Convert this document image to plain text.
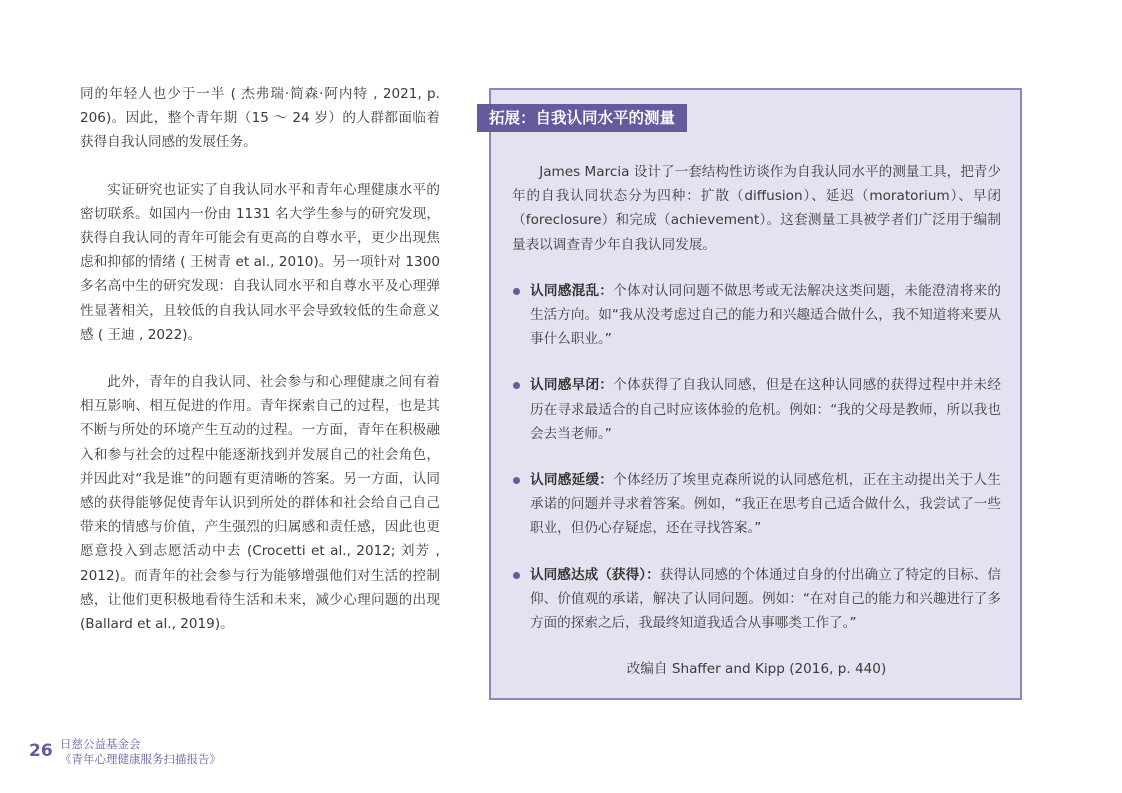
同的年轻人也少于一半 ( 杰弗瑞·简森·阿内特 , 2021, p. 206)。因此，整个青年期（15 ～ 24 岁）的人群都面临着获得自我认同感的发展任务。

实证研究也证实了自我认同水平和青年心理健康水平的密切联系。如国内一份由 1131 名大学生参与的研究发现，获得自我认同的青年可能会有更高的自尊水平，更少出现焦虑和抑郁的情绪 ( 王树青 et al., 2010)。另一项针对 1300 多名高中生的研究发现：自我认同水平和自尊水平及心理弹性显著相关，且较低的自我认同水平会导致较低的生命意义感 ( 王迪 , 2022)。

此外，青年的自我认同、社会参与和心理健康之间有着相互影响、相互促进的作用。青年探索自己的过程，也是其不断与所处的环境产生互动的过程。一方面，青年在积极融入和参与社会的过程中能逐渐找到并发展自己的社会角色，并因此对“我是谁”的问题有更清晰的答案。另一方面，认同感的获得能够促使青年认识到所处的群体和社会给自己自己带来的情感与价值，产生强烈的归属感和责任感，因此也更愿意投入到志愿活动中去 (Crocetti et al., 2012; 刘芳 , 2012)。而青年的社会参与行为能够增强他们对生活的控制感，让他们更积极地看待生活和未来，减少心理问题的出现 (Ballard et al., 2019)。

拓展：自我认同水平的测量

James Marcia 设计了一套结构性访谈作为自我认同水平的测量工具，把青少年的自我认同状态分为四种：扩散（diffusion）、延迟（moratorium）、早闭（foreclosure）和完成（achievement）。这套测量工具被学者们广泛用于编制量表以调查青少年自我认同发展。

认同感混乱：个体对认同问题不做思考或无法解决这类问题，未能澄清将来的生活方向。如“我从没考虑过自己的能力和兴趣适合做什么，我不知道将来要从事什么职业。”
认同感早闭：个体获得了自我认同感，但是在这种认同感的获得过程中并未经历在寻求最适合的自己时应该体验的危机。例如：“我的父母是教师，所以我也会去当老师。”
认同感延缓：个体经历了埃里克森所说的认同感危机，正在主动提出关于人生承诺的问题并寻求着答案。例如，“我正在思考自己适合做什么，我尝试了一些职业，但仍心存疑虑，还在寻找答案。”
认同感达成（获得）：获得认同感的个体通过自身的付出确立了特定的目标、信仰、价值观的承诺，解决了认同问题。例如：“在对自己的能力和兴趣进行了多方面的探索之后，我最终知道我适合从事哪类工作了。”
改编自 Shaffer and Kipp (2016, p. 440)
26 日慈公益基金会
《青年心理健康服务扫描报告》
